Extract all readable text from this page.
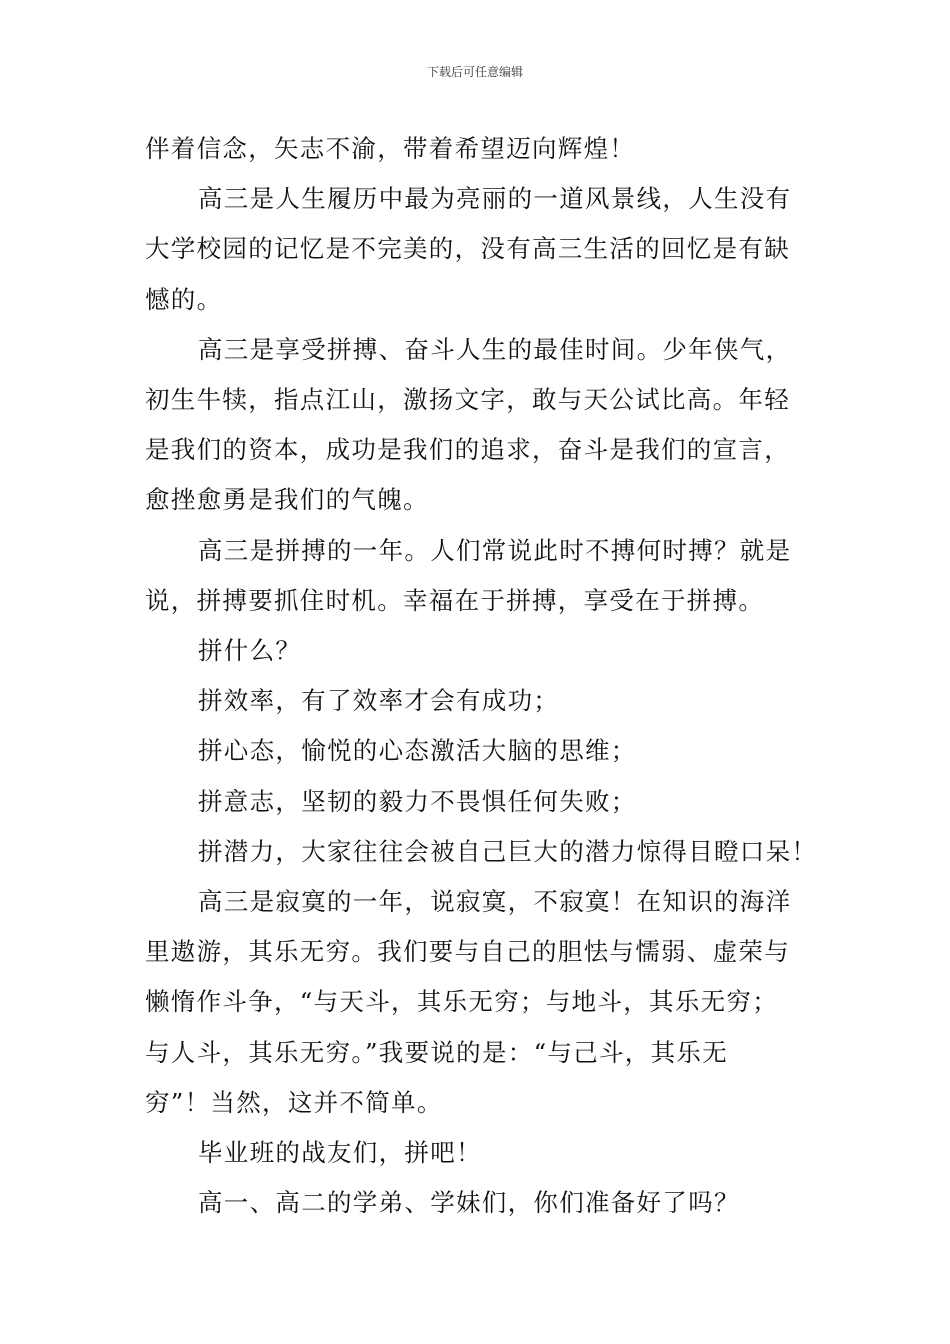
下载后可任意编辑

伴着信念，矢志不渝，带着希望迈向辉煌！

高三是人生履历中最为亮丽的一道风景线，人生没有

大学校园的记忆是不完美的，没有高三生活的回忆是有缺

憾的。

高三是享受拼搏、奋斗人生的最佳时间。少年侠气，

初生牛犊，指点江山，激扬文字，敢与天公试比高。年轻

是我们的资本，成功是我们的追求，奋斗是我们的宣言，

愈挫愈勇是我们的气魄。

高三是拼搏的一年。人们常说此时不搏何时搏？就是

说，拼搏要抓住时机。幸福在于拼搏，享受在于拼搏。

拼什么？

拼效率，有了效率才会有成功；

拼心态，愉悦的心态激活大脑的思维；

拼意志，坚韧的毅力不畏惧任何失败；

拼潜力，大家往往会被自己巨大的潜力惊得目瞪口呆！

高三是寂寞的一年，说寂寞，不寂寞！在知识的海洋

里遨游，其乐无穷。我们要与自己的胆怯与懦弱、虚荣与

懒惰作斗争，“与天斗，其乐无穷；与地斗，其乐无穷；

与人斗，其乐无穷。”我要说的是：“与己斗，其乐无

穷”！当然，这并不简单。

毕业班的战友们，拼吧！

高一、高二的学弟、学妹们，你们准备好了吗？
